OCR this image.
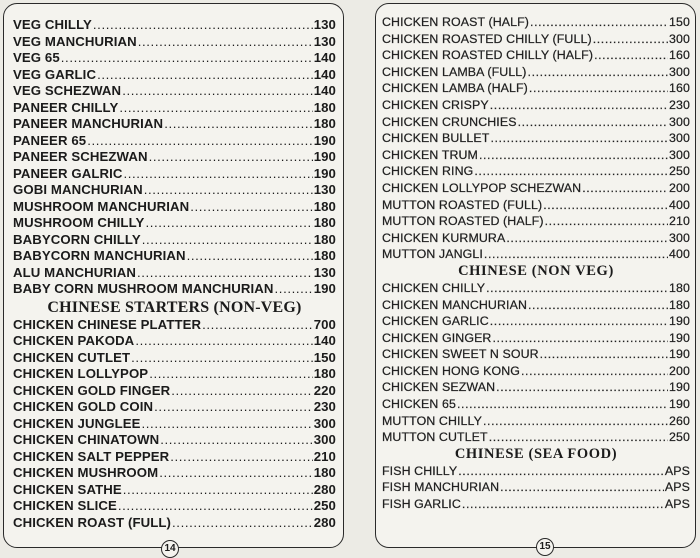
VEG CHILLY .....	130
VEG MANCHURIAN .....	130
VEG 65 .....	140
VEG GARLIC .....	140
VEG SCHEZWAN .....	140
PANEER CHILLY .....	180
PANEER MANCHURIAN .....	180
PANEER 65 .....	190
PANEER SCHEZWAN .....	190
PANEER GALRIC .....	190
GOBI MANCHURIAN .....	130
MUSHROOM MANCHURIAN .....	180
MUSHROOM CHILLY .....	180
BABYCORN CHILLY .....	180
BABYCORN MANCHURIAN .....	180
ALU MANCHURIAN .....	130
BABY CORN MUSHROOM MANCHURIAN .....	190
CHINESE STARTERS (NON-VEG)
CHICKEN CHINESE PLATTER .....	700
CHICKEN PAKODA .....	140
CHICKEN CUTLET .....	150
CHICKEN LOLLYPOP .....	180
CHICKEN GOLD FINGER .....	220
CHICKEN GOLD COIN .....	230
CHICKEN JUNGLEE .....	300
CHICKEN CHINATOWN .....	300
CHICKEN SALT PEPPER .....	210
CHICKEN MUSHROOM .....	180
CHICKEN SATHE .....	280
CHICKEN SLICE .....	250
CHICKEN ROAST (FULL) .....	280
14
CHICKEN ROAST (HALF) .....	150
CHICKEN ROASTED CHILLY (FULL) .....	300
CHICKEN ROASTED CHILLY (HALF) .....	160
CHICKEN LAMBA (FULL) .....	300
CHICKEN LAMBA (HALF) .....	160
CHICKEN CRISPY .....	230
CHICKEN CRUNCHIES .....	300
CHICKEN BULLET .....	300
CHICKEN TRUM .....	300
CHICKEN RING .....	250
CHICKEN LOLLYPOP SCHEZWAN .....	200
MUTTON ROASTED (FULL) .....	400
MUTTON ROASTED (HALF) .....	210
CHICKEN KURMURA .....	300
MUTTON JANGLI .....	400
CHINESE (NON VEG)
CHICKEN CHILLY .....	180
CHICKEN MANCHURIAN .....	180
CHICKEN GARLIC .....	190
CHICKEN GINGER .....	190
CHICKEN SWEET N SOUR .....	190
CHICKEN HONG KONG .....	200
CHICKEN SEZWAN .....	190
CHICKEN 65 .....	190
MUTTON CHILLY .....	260
MUTTON CUTLET .....	250
CHINESE (SEA FOOD)
FISH CHILLY .....	APS
FISH MANCHURIAN .....	APS
FISH GARLIC .....	APS
15
